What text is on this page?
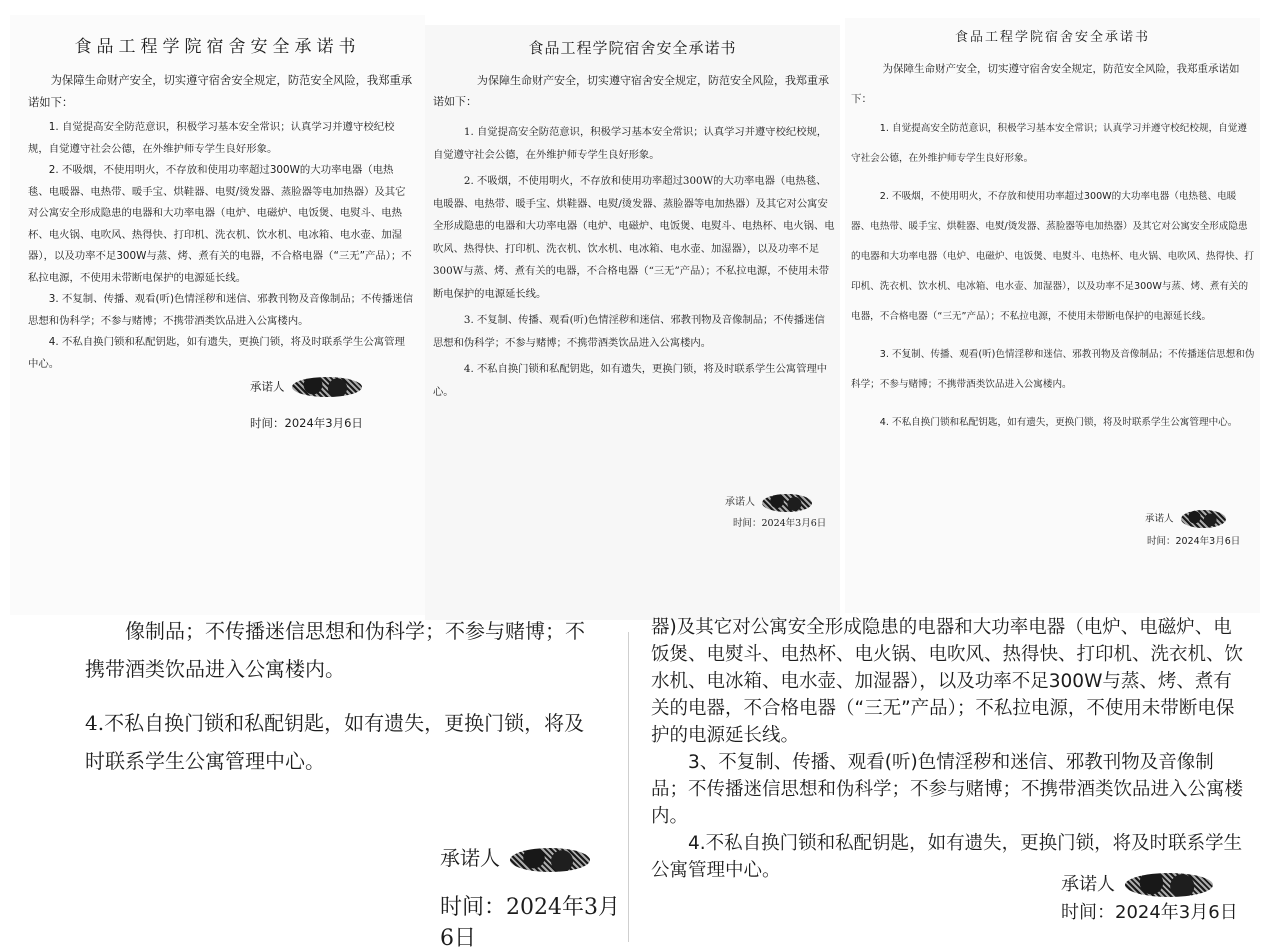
食品工程学院宿舍安全承诺书
为保障生命财产安全，切实遵守宿舍安全规定，防范安全风险，我郑重承诺如下：

1. 自觉提高安全防范意识，积极学习基本安全常识；认真学习并遵守校纪校规，自觉遵守社会公德，在外维护师专学生良好形象。

2. 不吸烟，不使用明火，不存放和使用功率超过300W的大功率电器（电热毯、电暖器、电热带、暖手宝、烘鞋器、电熨/烫发器、蒸脸器等电加热器）及其它对公寓安全形成隐患的电器和大功率电器（电炉、电磁炉、电饭煲、电熨斗、电热杯、电火锅、电吹风、热得快、打印机、洗衣机、饮水机、电冰箱、电水壶、加湿器），以及功率不足300W与蒸、烤、煮有关的电器，不合格电器（“三无”产品）；不私拉电源，不使用未带断电保护的电源延长线。

3. 不复制、传播、观看(听)色情淫秽和迷信、邪教刊物及音像制品；不传播迷信思想和伪科学；不参与赌博；不携带酒类饮品进入公寓楼内。

4. 不私自换门锁和私配钥匙，如有遗失，更换门锁，将及时联系学生公寓管理中心。

承诺人
时间：2024年3月6日
食品工程学院宿舍安全承诺书
为保障生命财产安全，切实遵守宿舍安全规定，防范安全风险，我郑重承诺如下：

1. 自觉提高安全防范意识，积极学习基本安全常识；认真学习并遵守校纪校规，自觉遵守社会公德，在外维护师专学生良好形象。

2. 不吸烟，不使用明火，不存放和使用功率超过300W的大功率电器（电热毯、电暖器、电热带、暖手宝、烘鞋器、电熨/烫发器、蒸脸器等电加热器）及其它对公寓安全形成隐患的电器和大功率电器（电炉、电磁炉、电饭煲、电熨斗、电热杯、电火锅、电吹风、热得快、打印机、洗衣机、饮水机、电冰箱、电水壶、加湿器），以及功率不足300W与蒸、烤、煮有关的电器，不合格电器（“三无”产品）；不私拉电源，不使用未带断电保护的电源延长线。

3. 不复制、传播、观看(听)色情淫秽和迷信、邪教刊物及音像制品；不传播迷信思想和伪科学；不参与赌博；不携带酒类饮品进入公寓楼内。

4. 不私自换门锁和私配钥匙，如有遗失，更换门锁，将及时联系学生公寓管理中心。

承诺人
时间：2024年3月6日
食品工程学院宿舍安全承诺书
为保障生命财产安全，切实遵守宿舍安全规定，防范安全风险，我郑重承诺如下：

1. 自觉提高安全防范意识，积极学习基本安全常识；认真学习并遵守校纪校规，自觉遵守社会公德，在外维护师专学生良好形象。

2. 不吸烟，不使用明火，不存放和使用功率超过300W的大功率电器（电热毯、电暖器、电热带、暖手宝、烘鞋器、电熨/烫发器、蒸脸器等电加热器）及其它对公寓安全形成隐患的电器和大功率电器（电炉、电磁炉、电饭煲、电熨斗、电热杯、电火锅、电吹风、热得快、打印机、洗衣机、饮水机、电冰箱、电水壶、加湿器），以及功率不足300W与蒸、烤、煮有关的电器，不合格电器（“三无”产品）；不私拉电源，不使用未带断电保护的电源延长线。

3. 不复制、传播、观看(听)色情淫秽和迷信、邪教刊物及音像制品；不传播迷信思想和伪科学；不参与赌博；不携带酒类饮品进入公寓楼内。

4. 不私自换门锁和私配钥匙，如有遗失，更换门锁，将及时联系学生公寓管理中心。

承诺人
时间：2024年3月6日

像制品；不传播迷信思想和伪科学；不参与赌博；不携带酒类饮品进入公寓楼内。

4.不私自换门锁和私配钥匙，如有遗失，更换门锁，将及时联系学生公寓管理中心。

承诺人
时间：2024年3月6日

器)及其它对公寓安全形成隐患的电器和大功率电器（电炉、电磁炉、电饭煲、电熨斗、电热杯、电火锅、电吹风、热得快、打印机、洗衣机、饮水机、电冰箱、电水壶、加湿器），以及功率不足300W与蒸、烤、煮有关的电器，不合格电器（“三无”产品）；不私拉电源，不使用未带断电保护的电源延长线。

3、不复制、传播、观看(听)色情淫秽和迷信、邪教刊物及音像制品；不传播迷信思想和伪科学；不参与赌博；不携带酒类饮品进入公寓楼内。

4.不私自换门锁和私配钥匙，如有遗失，更换门锁，将及时联系学生公寓管理中心。

承诺人
时间：2024年3月6日
